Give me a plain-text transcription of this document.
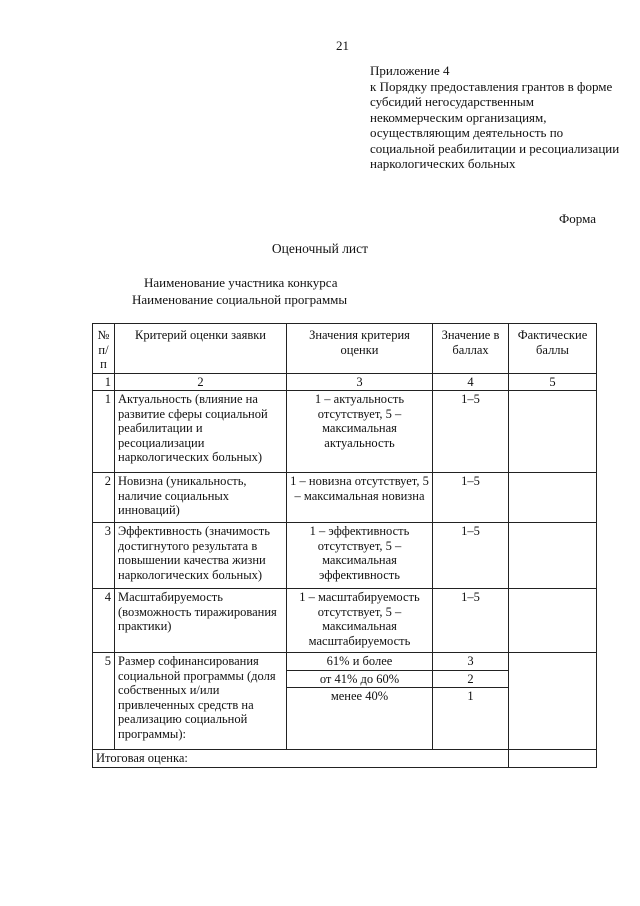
21
Приложение 4
к Порядку предоставления грантов в форме субсидий негосударственным некоммерческим организациям, осуществляющим деятельность по социальной реабилитации и ресоциализации наркологических больных
Форма
Оценочный лист
Наименование участника конкурса
Наименование социальной программы
№ п/п	Критерий оценки заявки	Значения критерия оценки	Значение в баллах	Фактические баллы
1	2	3	4	5
1	Актуальность (влияние на развитие сферы социальной реабилитации и ресоциализации наркологических больных)	1 – актуальность отсутствует, 5 – максимальная актуальность	1–5	
2	Новизна (уникальность, наличие социальных инноваций)	1 – новизна отсутствует, 5 – максимальная новизна	1–5	
3	Эффективность (значимость достигнутого результата в повышении качества жизни наркологических больных)	1 – эффективность отсутствует, 5 – максимальная эффективность	1–5	
4	Масштабируемость (возможность тиражирования практики)	1 – масштабируемость отсутствует, 5 – максимальная масштабируемость	1–5	
5	Размер софинансирования социальной программы (доля собственных и/или привлеченных средств на реализацию социальной программы):	61% и более	3	
		от 41% до 60%	2	
		менее 40%	1	
Итоговая оценка:				
